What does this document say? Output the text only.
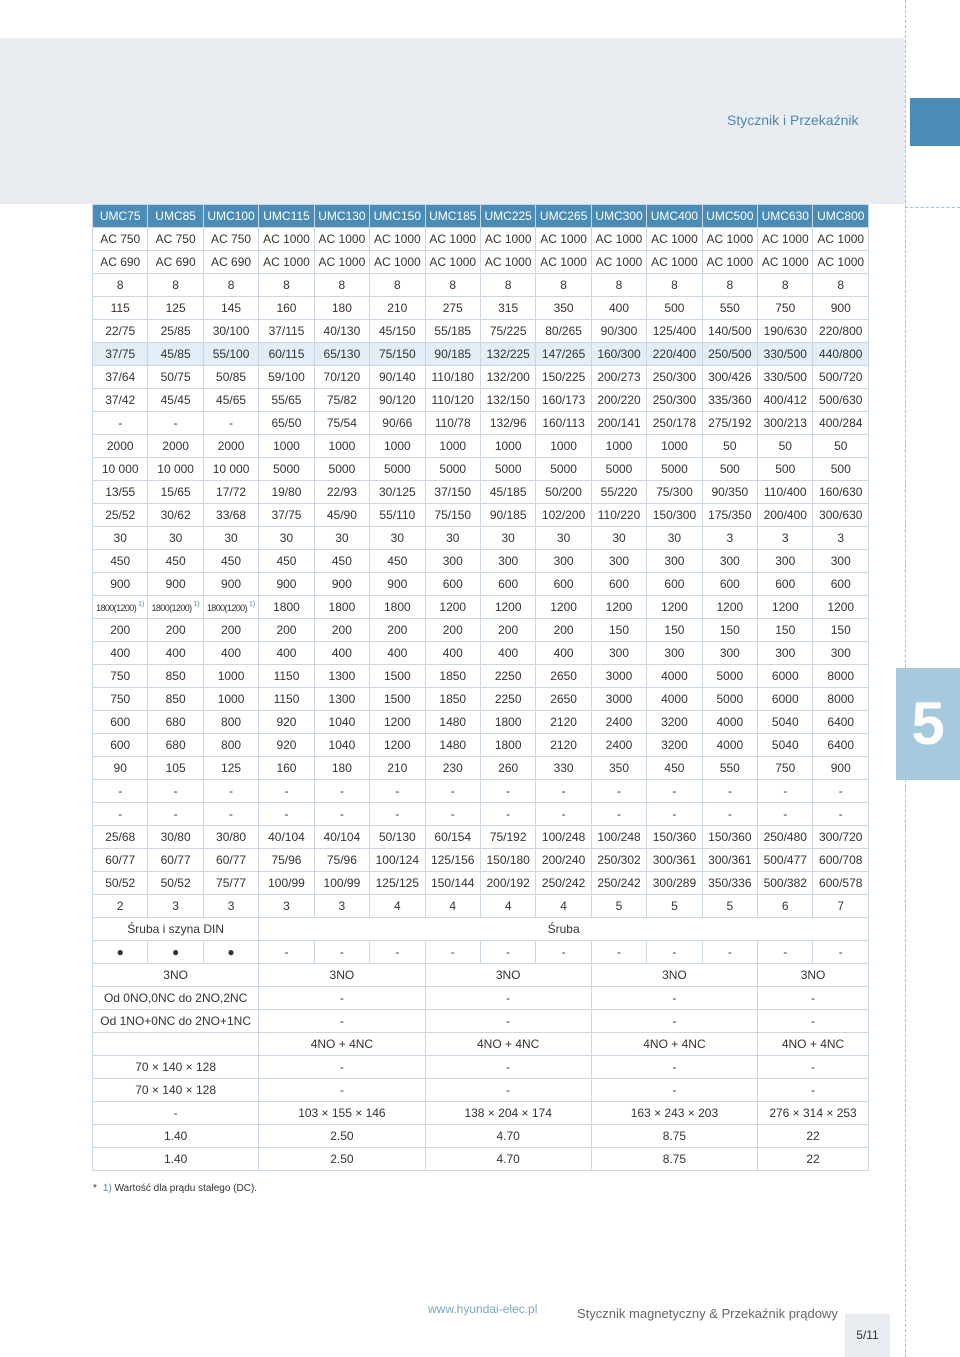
Stycznik i Przekaźnik
5
UMC75	UMC85	UMC100	UMC115	UMC130	UMC150	UMC185	UMC225	UMC265	UMC300	UMC400	UMC500	UMC630	UMC800
AC 750	AC 750	AC 750	AC 1000	AC 1000	AC 1000	AC 1000	AC 1000	AC 1000	AC 1000	AC 1000	AC 1000	AC 1000	AC 1000
AC 690	AC 690	AC 690	AC 1000	AC 1000	AC 1000	AC 1000	AC 1000	AC 1000	AC 1000	AC 1000	AC 1000	AC 1000	AC 1000
8	8	8	8	8	8	8	8	8	8	8	8	8	8
115	125	145	160	180	210	275	315	350	400	500	550	750	900
22/75	25/85	30/100	37/115	40/130	45/150	55/185	75/225	80/265	90/300	125/400	140/500	190/630	220/800
37/75	45/85	55/100	60/115	65/130	75/150	90/185	132/225	147/265	160/300	220/400	250/500	330/500	440/800
37/64	50/75	50/85	59/100	70/120	90/140	110/180	132/200	150/225	200/273	250/300	300/426	330/500	500/720
37/42	45/45	45/65	55/65	75/82	90/120	110/120	132/150	160/173	200/220	250/300	335/360	400/412	500/630
-	-	-	65/50	75/54	90/66	110/78	132/96	160/113	200/141	250/178	275/192	300/213	400/284
2000	2000	2000	1000	1000	1000	1000	1000	1000	1000	1000	50	50	50
10 000	10 000	10 000	5000	5000	5000	5000	5000	5000	5000	5000	500	500	500
13/55	15/65	17/72	19/80	22/93	30/125	37/150	45/185	50/200	55/220	75/300	90/350	110/400	160/630
25/52	30/62	33/68	37/75	45/90	55/110	75/150	90/185	102/200	110/220	150/300	175/350	200/400	300/630
30	30	30	30	30	30	30	30	30	30	30	3	3	3
450	450	450	450	450	450	300	300	300	300	300	300	300	300
900	900	900	900	900	900	600	600	600	600	600	600	600	600
1800(1200) $^{1)}$	1800(1200) $^{1)}$	1800(1200) $^{1)}$	1800	1800	1800	1200	1200	1200	1200	1200	1200	1200	1200
200	200	200	200	200	200	200	200	200	150	150	150	150	150
400	400	400	400	400	400	400	400	400	300	300	300	300	300
750	850	1000	1150	1300	1500	1850	2250	2650	3000	4000	5000	6000	8000
750	850	1000	1150	1300	1500	1850	2250	2650	3000	4000	5000	6000	8000
600	680	800	920	1040	1200	1480	1800	2120	2400	3200	4000	5040	6400
600	680	800	920	1040	1200	1480	1800	2120	2400	3200	4000	5040	6400
90	105	125	160	180	210	230	260	330	350	450	550	750	900
-	-	-	-	-	-	-	-	-	-	-	-	-	-
-	-	-	-	-	-	-	-	-	-	-	-	-	-
25/68	30/80	30/80	40/104	40/104	50/130	60/154	75/192	100/248	100/248	150/360	150/360	250/480	300/720
60/77	60/77	60/77	75/96	75/96	100/124	125/156	150/180	200/240	250/302	300/361	300/361	500/477	600/708
50/52	50/52	75/77	100/99	100/99	125/125	150/144	200/192	250/242	250/242	300/289	350/336	500/382	600/578
2	3	3	3	3	4	4	4	4	5	5	5	6	7
Śruba i szyna DIN			Śruba										
●	●	●	-	-	-	-	-	-	-	-	-	-	-
3NO			3NO			3NO			3NO			3NO	
Od 0NO,0NC do 2NO,2NC			-			-			-			-	
Od 1NO+0NC do 2NO+1NC			-			-			-			-	
			4NO + 4NC			4NO + 4NC			4NO + 4NC			4NO + 4NC	
70 × 140 × 128			-			-			-			-	
70 × 140 × 128			-			-			-			-	
-			103 × 155 × 146			138 × 204 × 174			163 × 243 × 203			276 × 314 × 253	
1.40			2.50			4.70			8.75			22	
1.40			2.50			4.70			8.75			22	
* 1) Wartość dla prądu stałego (DC).
www.hyundai-elec.pl	Stycznik magnetyczny & Przekaźnik prądowy
5/11
